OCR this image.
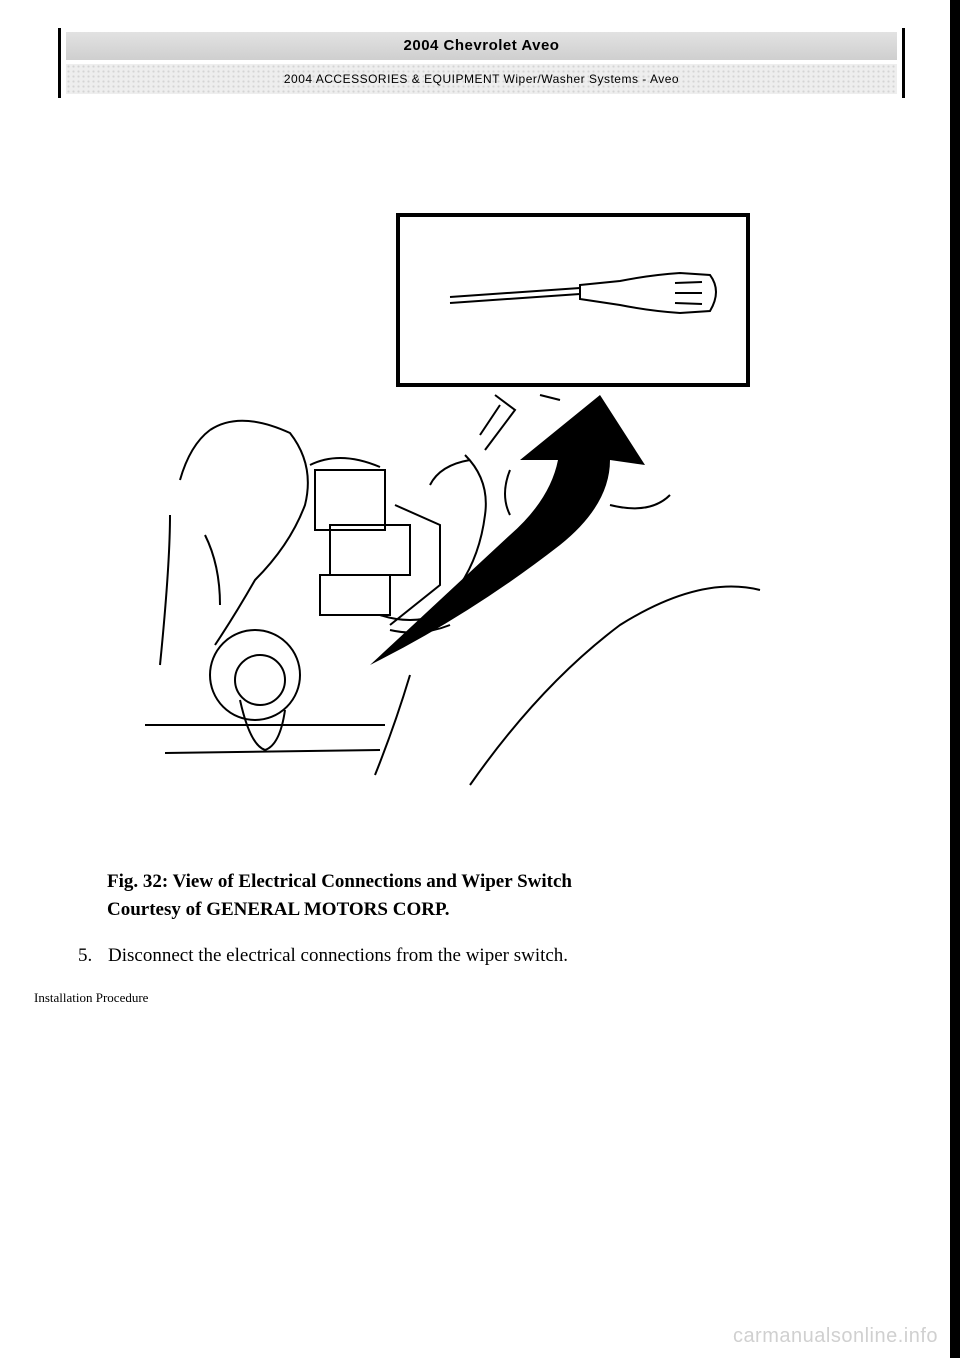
2004 Chevrolet Aveo
2004 ACCESSORIES & EQUIPMENT Wiper/Washer Systems - Aveo
Fig. 32: View of Electrical Connections and Wiper Switch
Courtesy of GENERAL MOTORS CORP.
5. Disconnect the electrical connections from the wiper switch.
Installation Procedure
carmanualsonline.info
